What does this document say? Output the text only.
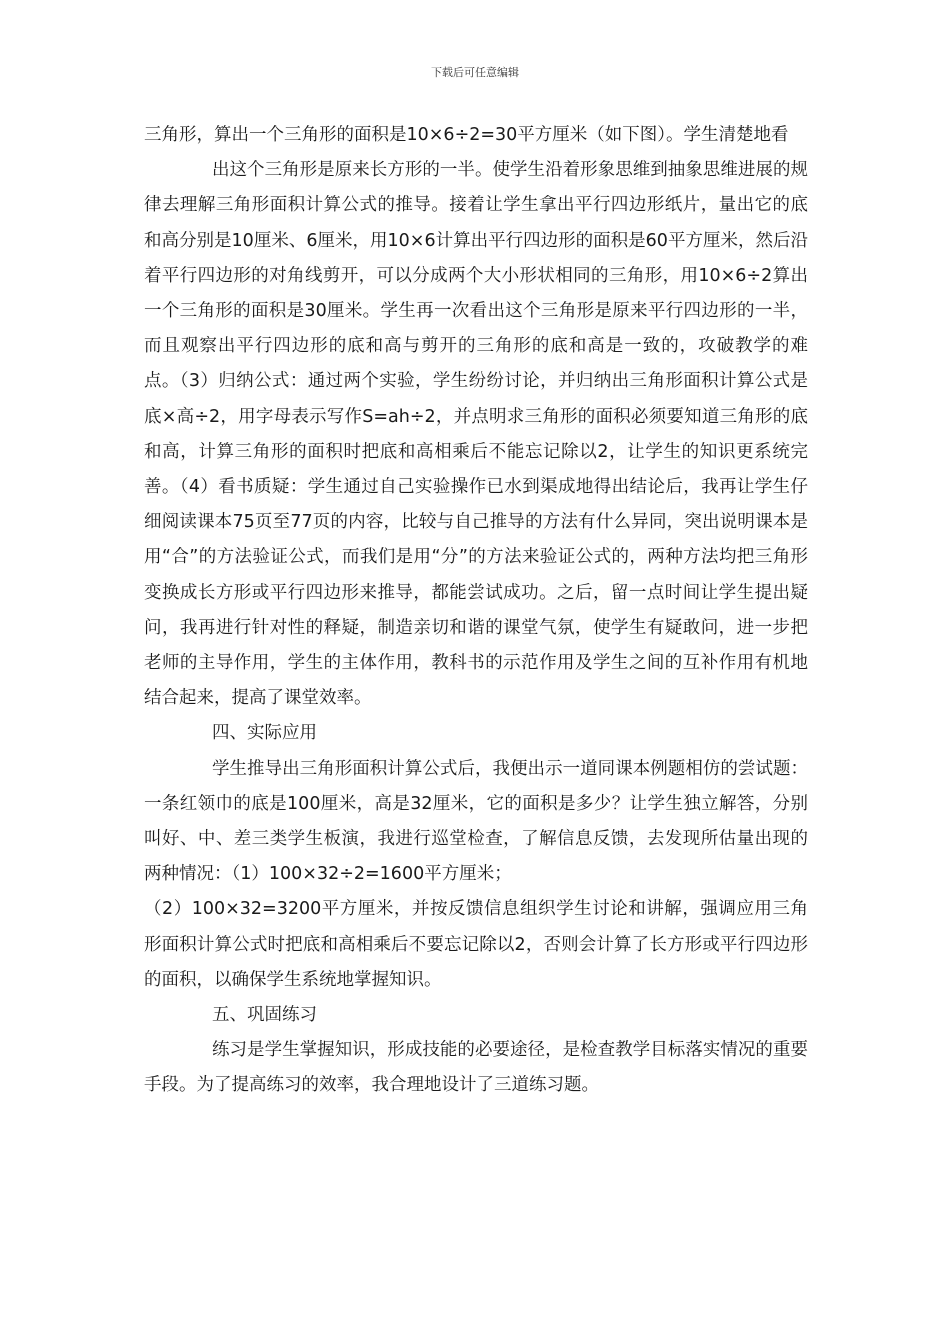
下载后可任意编辑

三角形，算出一个三角形的面积是10×6÷2=30平方厘米（如下图）。学生清楚地看

出这个三角形是原来长方形的一半。使学生沿着形象思维到抽象思维进展的规律去理解三角形面积计算公式的推导。接着让学生拿出平行四边形纸片，量出它的底和高分别是10厘米、6厘米，用10×6计算出平行四边形的面积是60平方厘米，然后沿着平行四边形的对角线剪开，可以分成两个大小形状相同的三角形，用10×6÷2算出一个三角形的面积是30厘米。学生再一次看出这个三角形是原来平行四边形的一半，而且观察出平行四边形的底和高与剪开的三角形的底和高是一致的，攻破教学的难点。（3）归纳公式：通过两个实验，学生纷纷讨论，并归纳出三角形面积计算公式是底×高÷2，用字母表示写作S=ah÷2，并点明求三角形的面积必须要知道三角形的底和高，计算三角形的面积时把底和高相乘后不能忘记除以2，让学生的知识更系统完善。（4）看书质疑：学生通过自己实验操作已水到渠成地得出结论后，我再让学生仔细阅读课本75页至77页的内容，比较与自己推导的方法有什么异同，突出说明课本是用“合”的方法验证公式，而我们是用“分”的方法来验证公式的，两种方法均把三角形变换成长方形或平行四边形来推导，都能尝试成功。之后，留一点时间让学生提出疑问，我再进行针对性的释疑，制造亲切和谐的课堂气氛，使学生有疑敢问，进一步把老师的主导作用，学生的主体作用，教科书的示范作用及学生之间的互补作用有机地结合起来，提高了课堂效率。

四、实际应用

学生推导出三角形面积计算公式后，我便出示一道同课本例题相仿的尝试题：一条红领巾的底是100厘米，高是32厘米，它的面积是多少？让学生独立解答，分别叫好、中、差三类学生板演，我进行巡堂检查，了解信息反馈，去发现所估量出现的两种情况：（1）100×32÷2=1600平方厘米；

（2）100×32=3200平方厘米，并按反馈信息组织学生讨论和讲解，强调应用三角形面积计算公式时把底和高相乘后不要忘记除以2，否则会计算了长方形或平行四边形的面积，以确保学生系统地掌握知识。

五、巩固练习

练习是学生掌握知识，形成技能的必要途径，是检查教学目标落实情况的重要手段。为了提高练习的效率，我合理地设计了三道练习题。
